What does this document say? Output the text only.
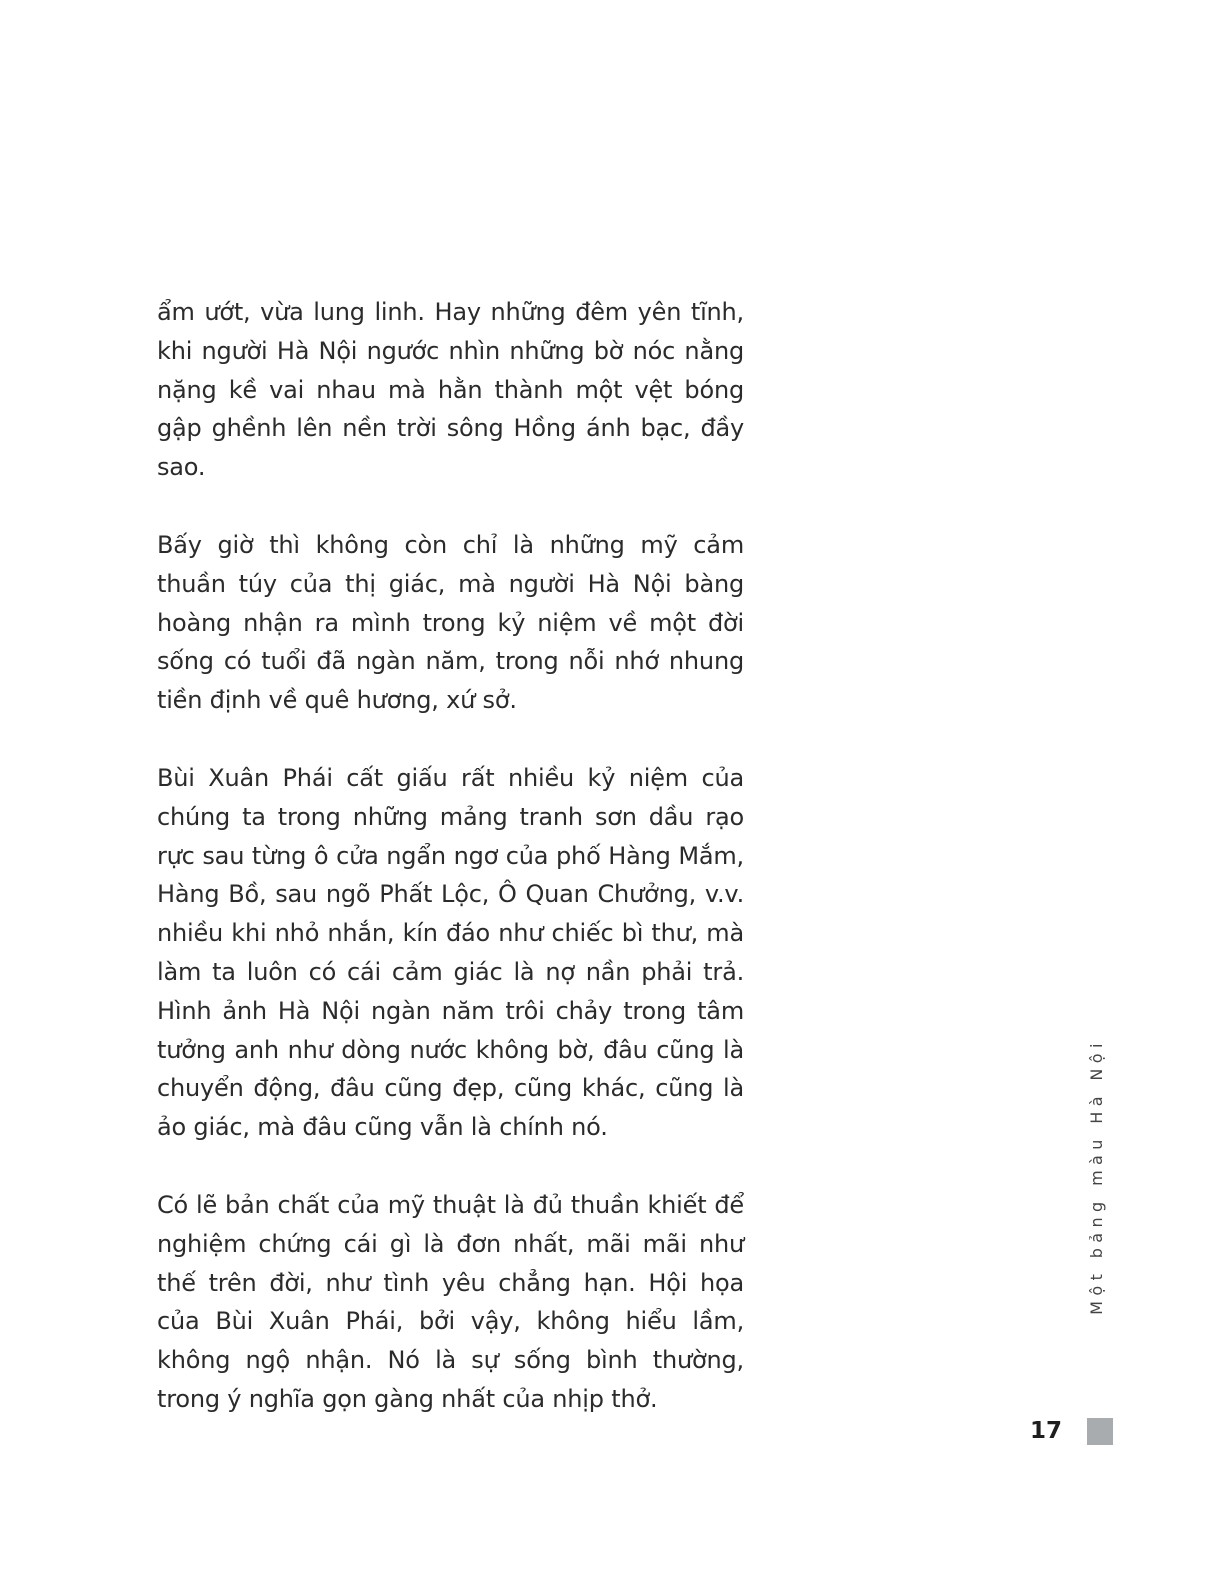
ẩm ướt, vừa lung linh. Hay những đêm yên tĩnh, khi người Hà Nội ngước nhìn những bờ nóc nằng nặng kề vai nhau mà hằn thành một vệt bóng gập ghềnh lên nền trời sông Hồng ánh bạc, đầy sao.

Bấy giờ thì không còn chỉ là những mỹ cảm thuần túy của thị giác, mà người Hà Nội bàng hoàng nhận ra mình trong kỷ niệm về một đời sống có tuổi đã ngàn năm, trong nỗi nhớ nhung tiền định về quê hương, xứ sở.

Bùi Xuân Phái cất giấu rất nhiều kỷ niệm của chúng ta trong những mảng tranh sơn dầu rạo rực sau từng ô cửa ngẩn ngơ của phố Hàng Mắm, Hàng Bồ, sau ngõ Phất Lộc, Ô Quan Chưởng, v.v. nhiều khi nhỏ nhắn, kín đáo như chiếc bì thư, mà làm ta luôn có cái cảm giác là nợ nần phải trả. Hình ảnh Hà Nội ngàn năm trôi chảy trong tâm tưởng anh như dòng nước không bờ, đâu cũng là chuyển động, đâu cũng đẹp, cũng khác, cũng là ảo giác, mà đâu cũng vẫn là chính nó.

Có lẽ bản chất của mỹ thuật là đủ thuần khiết để nghiệm chứng cái gì là đơn nhất, mãi mãi như thế trên đời, như tình yêu chẳng hạn. Hội họa của Bùi Xuân Phái, bởi vậy, không hiểu lầm, không ngộ nhận. Nó là sự sống bình thường, trong ý nghĩa gọn gàng nhất của nhịp thở.

Một bảng màu Hà Nội
17
